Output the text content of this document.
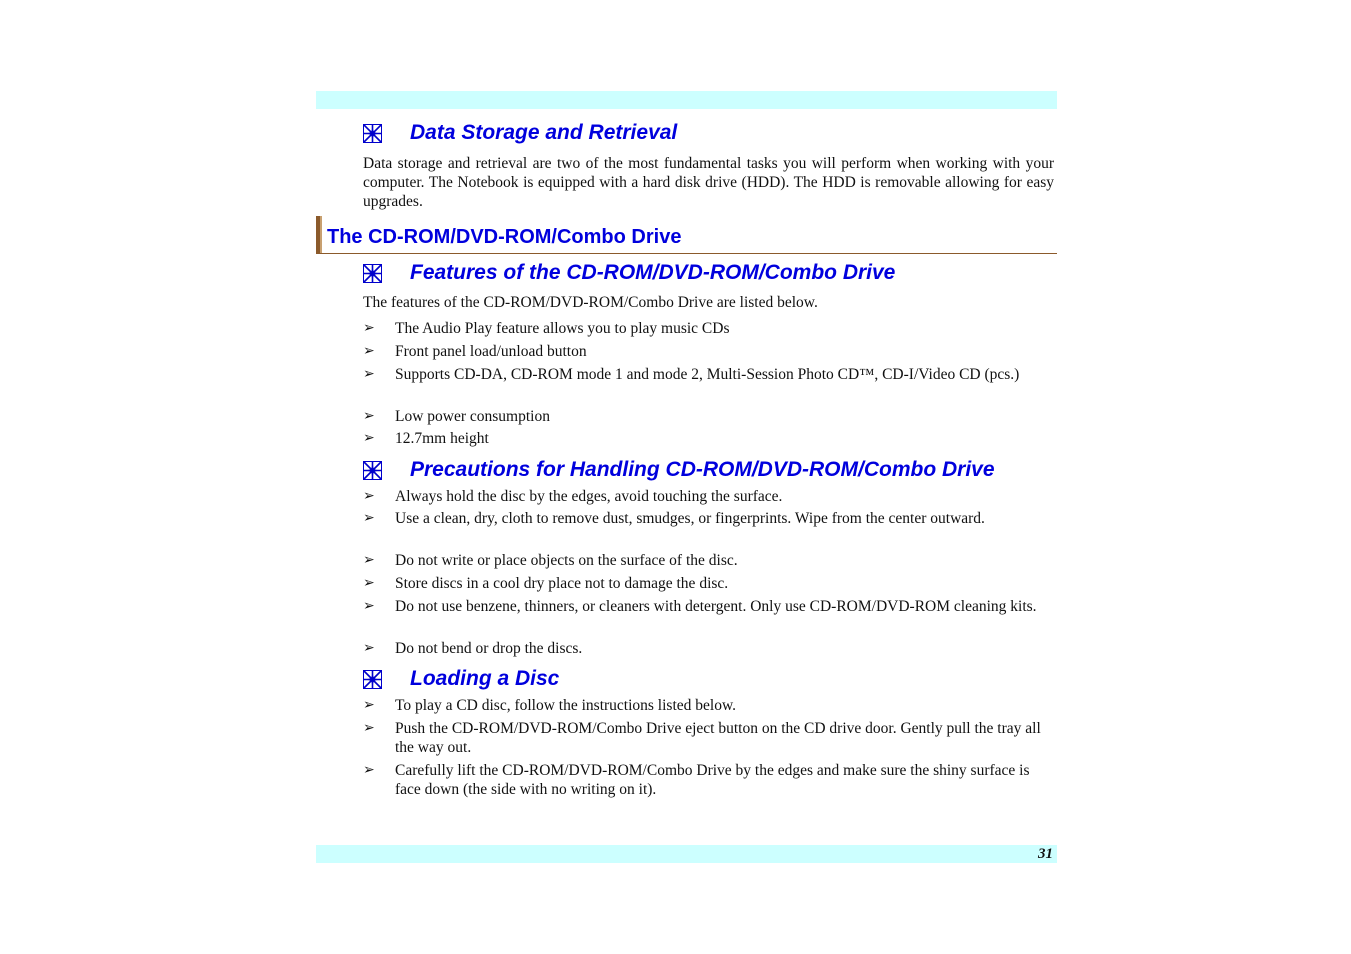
Data Storage and Retrieval
Data storage and retrieval are two of the most fundamental tasks you will perform when working with your computer. The Notebook is equipped with a hard disk drive (HDD). The HDD is removable allowing for easy upgrades.
The CD-ROM/DVD-ROM/Combo Drive
Features of the CD-ROM/DVD-ROM/Combo Drive
The features of the CD-ROM/DVD-ROM/Combo Drive are listed below.
➢	The Audio Play feature allows you to play music CDs
➢	Front panel load/unload button
➢	Supports CD-DA, CD-ROM mode 1 and mode 2, Multi-Session Photo CD™, CD-I/Video CD (pcs.)
➢	Low power consumption
➢	12.7mm height
Precautions for Handling CD-ROM/DVD-ROM/Combo Drive
➢	Always hold the disc by the edges, avoid touching the surface.
➢	Use a clean, dry, cloth to remove dust, smudges, or fingerprints. Wipe from the center outward.
➢	Do not write or place objects on the surface of the disc.
➢	Store discs in a cool dry place not to damage the disc.
➢	Do not use benzene, thinners, or cleaners with detergent. Only use CD-ROM/DVD-ROM cleaning kits.
➢	Do not bend or drop the discs.
Loading a Disc
➢	To play a CD disc, follow the instructions listed below.
➢	Push the CD-ROM/DVD-ROM/Combo Drive eject button on the CD drive door. Gently pull the tray all the way out.
➢	Carefully lift the CD-ROM/DVD-ROM/Combo Drive by the edges and make sure the shiny surface is face down (the side with no writing on it).
31
